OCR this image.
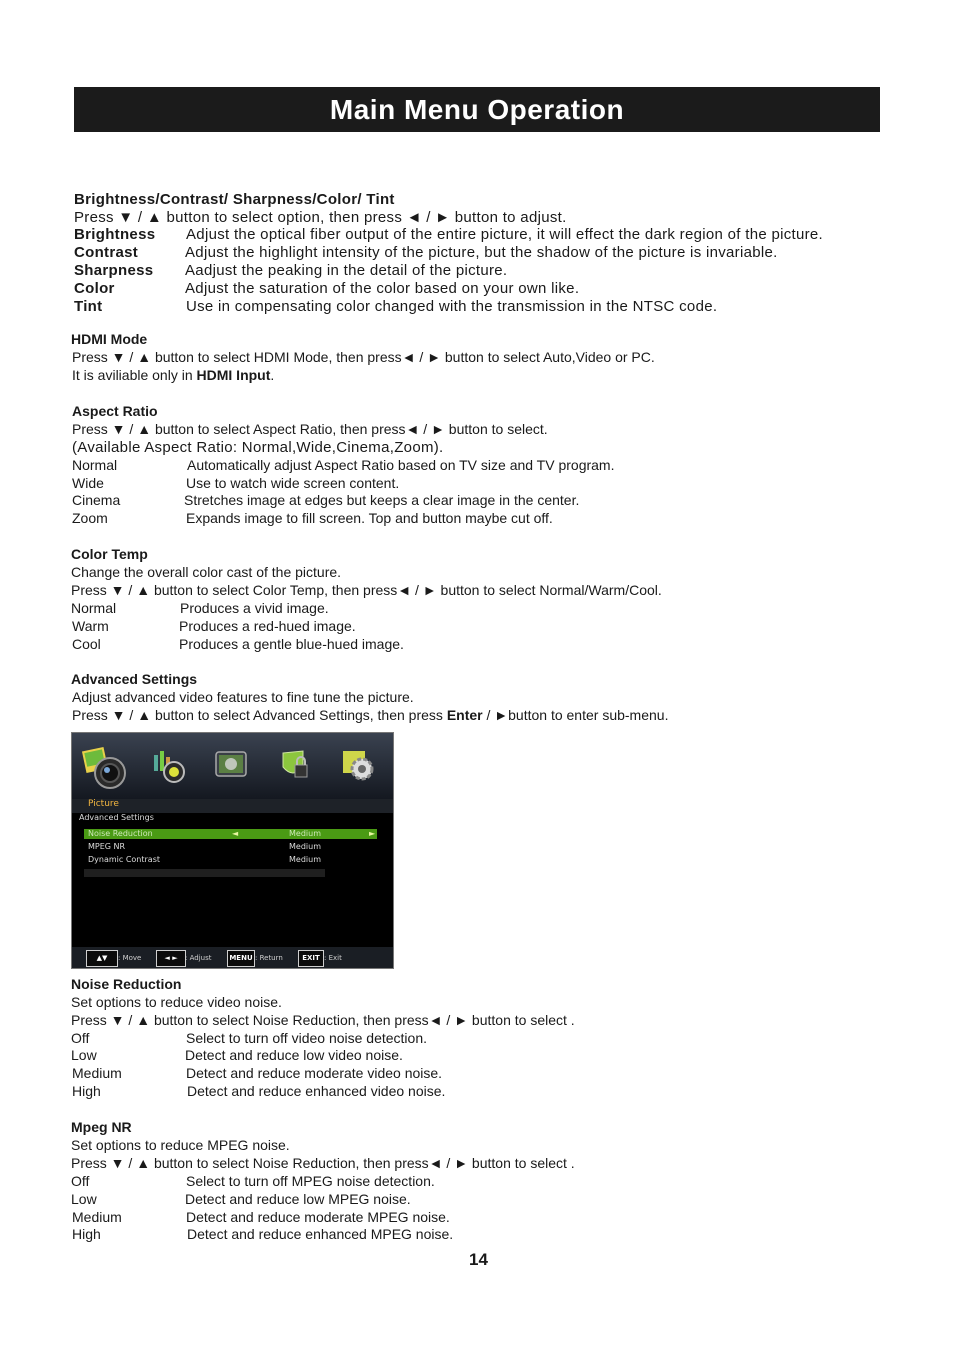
Main Menu Operation
Brightness/Contrast/ Sharpness/Color/ Tint
Press ▼ / ▲ button to select option, then press ◄ / ► button to adjust.
Brightness Adjust the optical fiber output of the entire picture, it will effect the dark region of the picture.
Contrast	Adjust the highlight intensity of the picture, but the shadow of the picture is invariable.
Sharpness Aadjust the peaking in the detail of the picture.
Color	Adjust the saturation of the color based on your own like.
Tint	Use in compensating color changed with the transmission in the NTSC code.
HDMI Mode
Press ▼ / ▲ button to select HDMI Mode, then press◄ / ► button to select Auto,Video or PC.
It is aviliable only in HDMI Input.
Aspect Ratio
Press ▼ / ▲ button to select Aspect Ratio, then press◄ / ► button to select.
(Available Aspect Ratio: Normal,Wide,Cinema,Zoom).
Normal	Automatically adjust Aspect Ratio based on TV size and TV program.
Wide	Use to watch wide screen content.
Cinema	Stretches image at edges but keeps a clear image in the center.
Zoom	Expands image to fill screen. Top and button maybe cut off.
Color Temp
Change the overall color cast of the picture.
Press ▼ / ▲ button to select Color Temp, then press◄ / ► button to select Normal/Warm/Cool.
Normal	Produces a vivid image.
Warm	Produces a red-hued image.
Cool	Produces a gentle blue-hued image.
Advanced Settings
Adjust advanced video features to fine tune the picture.
Press ▼ / ▲ button to select Advanced Settings, then press Enter / ►button to enter sub-menu.
Picture
Advanced Settings
Noise Reduction	◄	Medium	►
MPEG NR	Medium
Dynamic Contrast	Medium
▲▼	: Move	◄ ►	: Adjust	MENU : Return	EXIT : Exit
Noise Reduction
Set options to reduce video noise.
Press ▼ / ▲ button to select Noise Reduction, then press◄ / ► button to select .
Off	Select to turn off video noise detection.
Low	Detect and reduce low video noise.
Medium	Detect and reduce moderate video noise.
High	Detect and reduce enhanced video noise.
Mpeg NR
Set options to reduce MPEG noise.
Press ▼ / ▲ button to select Noise Reduction, then press◄ / ► button to select .
Off	Select to turn off MPEG noise detection.
Low	Detect and reduce low MPEG noise.
Medium	Detect and reduce moderate MPEG noise.
High	Detect and reduce enhanced MPEG noise.
14
